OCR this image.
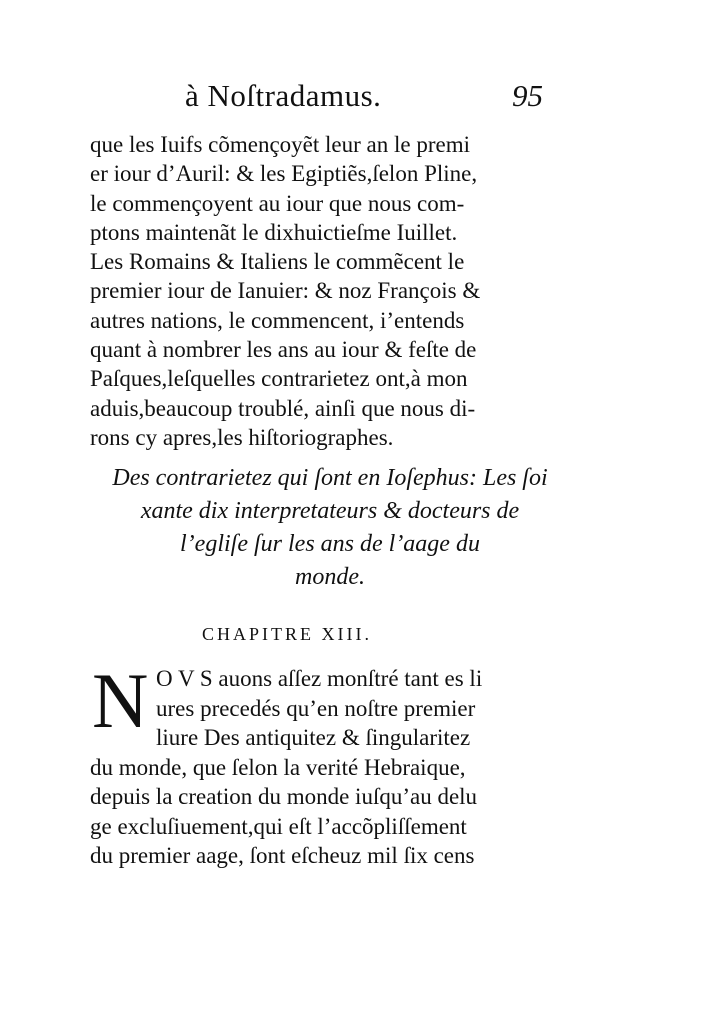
à Noſtradamus.	95
que les Iuifs cõmençoyẽt leur an le premi
er iour d’Auril: & les Egiptiẽs,ſelon Pline,
le commençoyent au iour que nous com-
ptons maintenãt le dixhuictieſme Iuillet.
Les Romains & Italiens le commẽcent le
premier iour de Ianuier: & noz François &
autres nations, le commencent, i’entends
quant à nombrer les ans au iour & feſte de
Paſques,leſquelles contrarietez ont,à mon
aduis,beaucoup troublé, ainſi que nous di-
rons cy apres,les hiſtoriographes.
Des contrarietez qui ſont en Ioſephus: Les ſoi
xante dix interpretateurs & docteurs de
l’egliſe ſur les ans de l’aage du
monde.
CHAPITRE XIII.
N O V S auons aſſez monſtré tant es li
ures precedés qu’en noſtre premier
liure Des antiquitez & ſingularitez
du monde, que ſelon la verité Hebraique,
depuis la creation du monde iuſqu’au delu
ge excluſiuement,qui eſt l’accõpliſſement
du premier aage, ſont eſcheuz mil ſix cens
